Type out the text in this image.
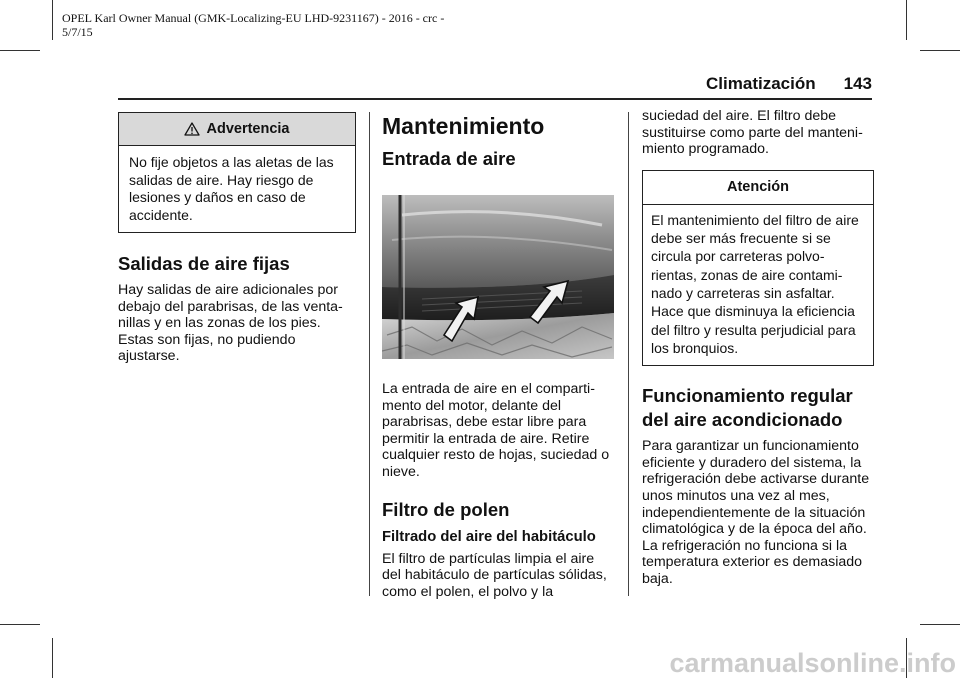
OPEL Karl Owner Manual (GMK-Localizing-EU LHD-9231167) - 2016 - crc -
5/7/15
Climatización 143
Advertencia
No fije objetos a las aletas de las salidas de aire. Hay riesgo de lesiones y daños en caso de accidente.
Salidas de aire fijas

Hay salidas de aire adicionales por debajo del parabrisas, de las venta-nillas y en las zonas de los pies. Estas son fijas, no pudiendo ajustarse.

Mantenimiento
Entrada de aire

La entrada de aire en el comparti-mento del motor, delante del parabrisas, debe estar libre para permitir la entrada de aire. Retire cualquier resto de hojas, suciedad o nieve.

Filtro de polen
Filtrado del aire del habitáculo

El filtro de partículas limpia el aire del habitáculo de partículas sólidas, como el polen, el polvo y la

suciedad del aire. El filtro debe sustituirse como parte del manteni-miento programado.

Atención
El mantenimiento del filtro de aire debe ser más frecuente si se circula por carreteras polvo-rientas, zonas de aire contami-nado y carreteras sin asfaltar. Hace que disminuya la eficiencia del filtro y resulta perjudicial para los bronquios.
Funcionamiento regular del aire acondicionado

Para garantizar un funcionamiento eficiente y duradero del sistema, la refrigeración debe activarse durante unos minutos una vez al mes, independientemente de la situación climatológica y de la época del año. La refrigeración no funciona si la temperatura exterior es demasiado baja.

carmanualsonline.info
